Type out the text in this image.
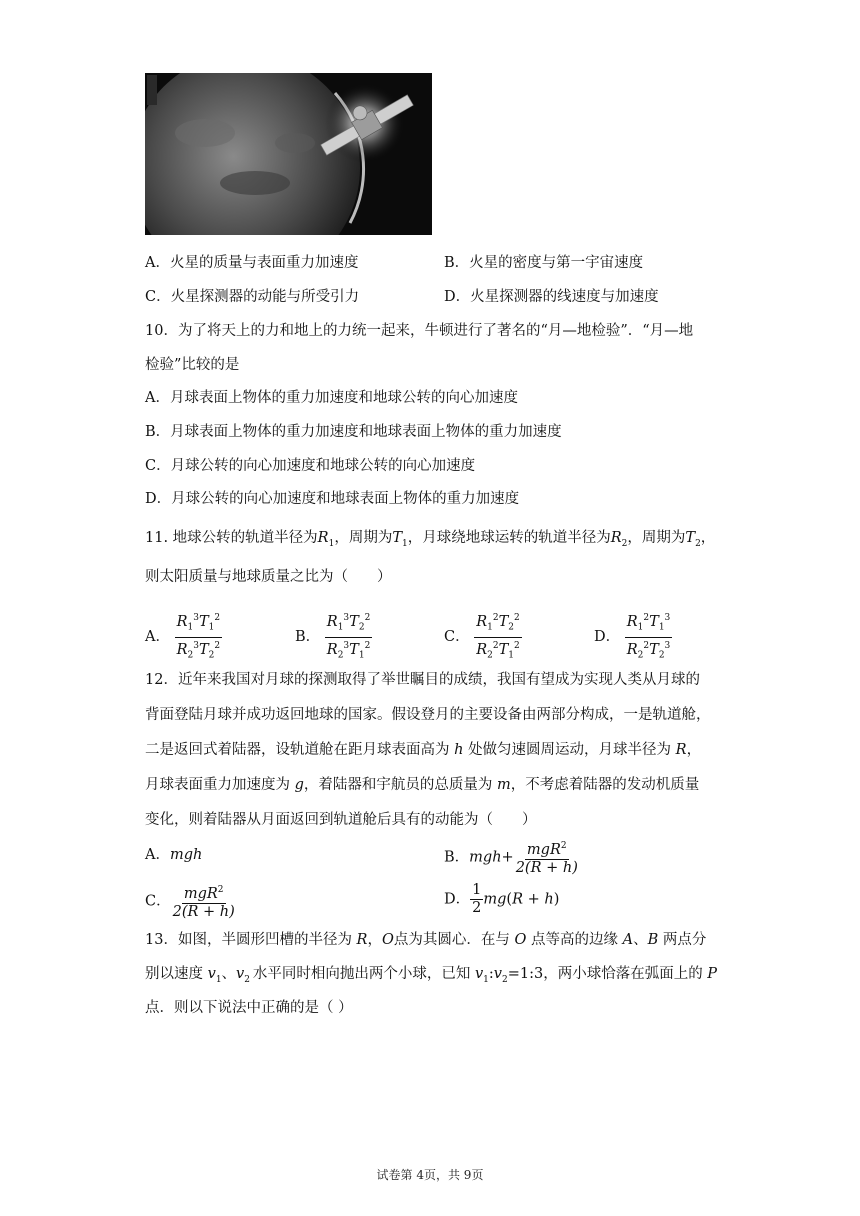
A．火星的质量与表面重力加速度	B．火星的密度与第一宇宙速度
C．火星探测器的动能与所受引力	D．火星探测器的线速度与加速度
10．为了将天上的力和地上的力统一起来，牛顿进行了著名的“月—地检验”．“月—地
检验”比较的是
A．月球表面上物体的重力加速度和地球公转的向心加速度
B．月球表面上物体的重力加速度和地球表面上物体的重力加速度
C．月球公转的向心加速度和地球公转的向心加速度
D．月球公转的向心加速度和地球表面上物体的重力加速度
11. 地球公转的轨道半径为$R_1$，周期为$T_1$，月球绕地球运转的轨道半径为$R_2$，周期为$T_2$，
则太阳质量与地球质量之比为（　　）
A． $\frac{R_1^3T_1^2}{R_2^3T_2^2}$	B． $\frac{R_1^3T_2^2}{R_2^3T_1^2}$	C． $\frac{R_1^2T_2^2}{R_2^2T_1^2}$	D． $\frac{R_1^2T_1^3}{R_2^2T_2^3}$
12．近年来我国对月球的探测取得了举世瞩目的成绩，我国有望成为实现人类从月球的
背面登陆月球并成功返回地球的国家。假设登月的主要设备由两部分构成，一是轨道舱，
二是返回式着陆器，设轨道舱在距月球表面高为 h 处做匀速圆周运动，月球半径为 R，
月球表面重力加速度为 g，着陆器和宇航员的总质量为 m，不考虑着陆器的发动机质量
变化，则着陆器从月面返回到轨道舱后具有的动能为（　　）
A．mgh	B．$mgh+ \frac{mgR^2}{2(R + h)}$
C． $\frac{mgR^2}{2(R + h)}$	D． $\frac{1}{2} mg(R + h)$
13．如图，半圆形凹槽的半径为 R，O点为其圆心．在与 O 点等高的边缘 A、B 两点分
别以速度 $v_1$、$v_2$ 水平同时相向抛出两个小球，已知 $v_1:v_2=1:3$，两小球恰落在弧面上的 P
点．则以下说法中正确的是（ ）
试卷第 4页，共 9页
